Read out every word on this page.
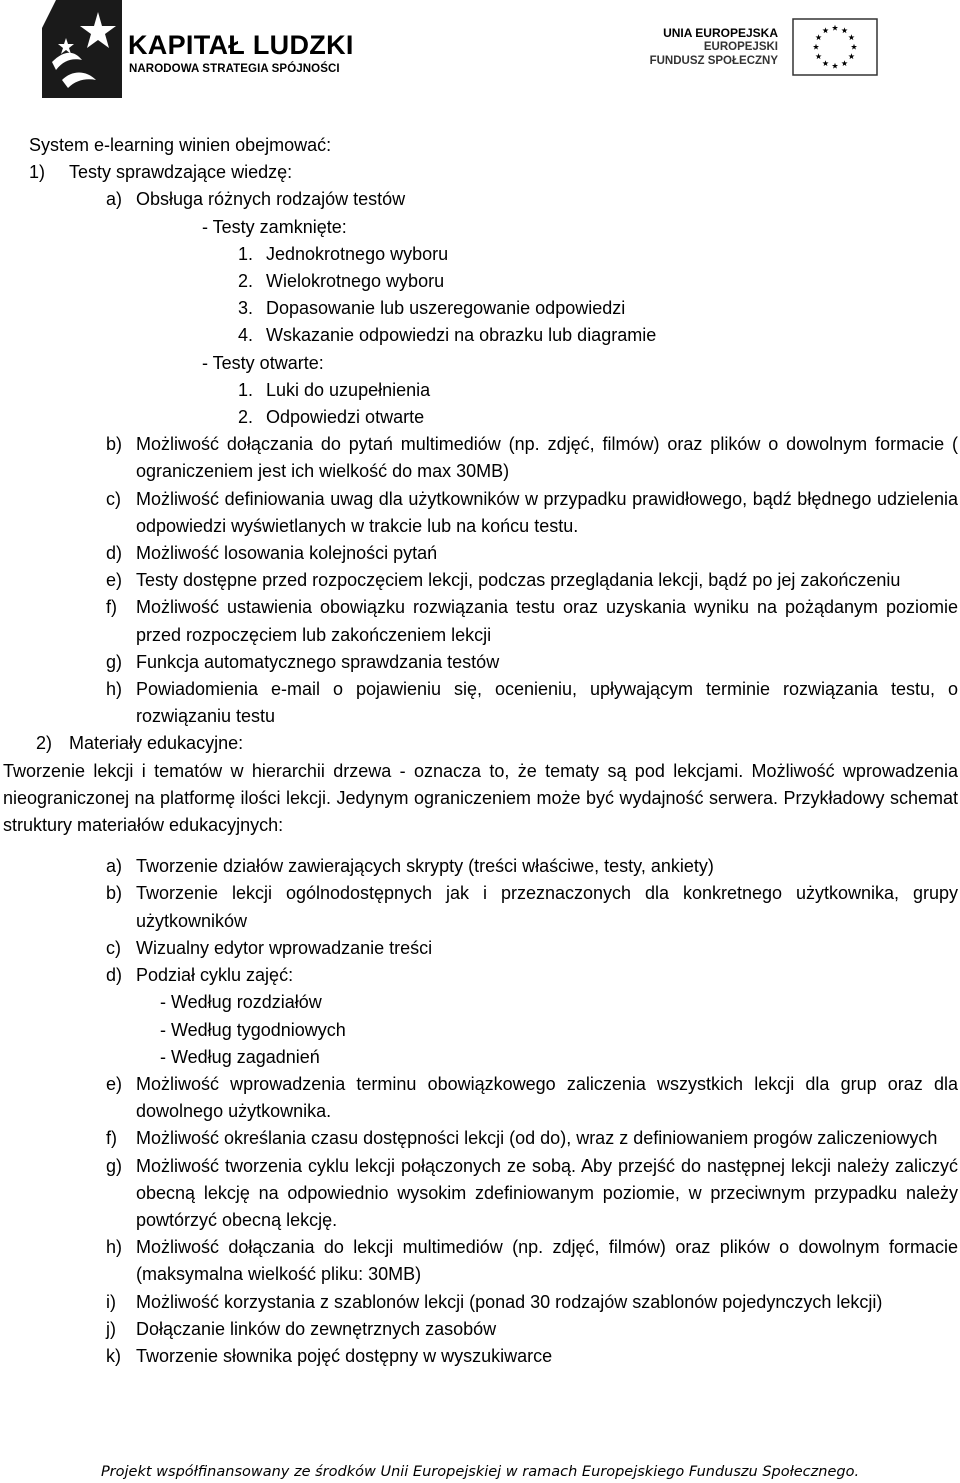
KAPITAŁ LUDZKI
NARODOWA STRATEGIA SPÓJNOŚCI
UNIA EUROPEJSKA
EUROPEJSKI
FUNDUSZ SPOŁECZNY
System e-learning winien obejmować:
1) Testy sprawdzające wiedzę:
a) Obsługa różnych rodzajów testów
- Testy zamknięte:
1. Jednokrotnego wyboru
2. Wielokrotnego wyboru
3. Dopasowanie lub uszeregowanie odpowiedzi
4. Wskazanie odpowiedzi na obrazku lub diagramie
- Testy otwarte:
1. Luki do uzupełnienia
2. Odpowiedzi otwarte
b) Możliwość dołączania do pytań multimediów (np. zdjęć, filmów) oraz plików o dowolnym formacie ( ograniczeniem jest ich wielkość do max 30MB)
c) Możliwość definiowania uwag dla użytkowników w przypadku prawidłowego, bądź błędnego udzielenia odpowiedzi wyświetlanych w trakcie lub na końcu testu.
d) Możliwość losowania kolejności pytań
e) Testy dostępne przed rozpoczęciem lekcji, podczas przeglądania lekcji, bądź po jej zakończeniu
f) Możliwość ustawienia obowiązku rozwiązania testu oraz uzyskania wyniku na pożądanym poziomie przed rozpoczęciem lub zakończeniem lekcji
g) Funkcja automatycznego sprawdzania testów
h) Powiadomienia e-mail o pojawieniu się, ocenieniu, upływającym terminie rozwiązania testu, o rozwiązaniu testu
2) Materiały edukacyjne:
Tworzenie lekcji i tematów w hierarchii drzewa - oznacza to, że tematy są pod lekcjami. Możliwość wprowadzenia nieograniczonej na platformę ilości lekcji. Jedynym ograniczeniem może być wydajność serwera. Przykładowy schemat struktury materiałów edukacyjnych:
a) Tworzenie działów zawierających skrypty (treści właściwe, testy, ankiety)
b) Tworzenie lekcji ogólnodostępnych jak i przeznaczonych dla konkretnego użytkownika, grupy użytkowników
c) Wizualny edytor wprowadzanie treści
d) Podział cyklu zajęć:
- Według rozdziałów
- Według tygodniowych
- Według zagadnień
e) Możliwość wprowadzenia terminu obowiązkowego zaliczenia wszystkich lekcji dla grup oraz dla dowolnego użytkownika.
f) Możliwość określania czasu dostępności lekcji (od do), wraz z definiowaniem progów zaliczeniowych
g) Możliwość tworzenia cyklu lekcji połączonych ze sobą. Aby przejść do następnej lekcji należy zaliczyć obecną lekcję na odpowiednio wysokim zdefiniowanym poziomie, w przeciwnym przypadku należy powtórzyć obecną lekcję.
h) Możliwość dołączania do lekcji multimediów (np. zdjęć, filmów) oraz plików o dowolnym formacie (maksymalna wielkość pliku: 30MB)
i) Możliwość korzystania z szablonów lekcji (ponad 30 rodzajów szablonów pojedynczych lekcji)
j) Dołączanie linków do zewnętrznych zasobów
k) Tworzenie słownika pojęć dostępny w wyszukiwarce
Projekt współfinansowany ze środków Unii Europejskiej w ramach Europejskiego Funduszu Społecznego.
